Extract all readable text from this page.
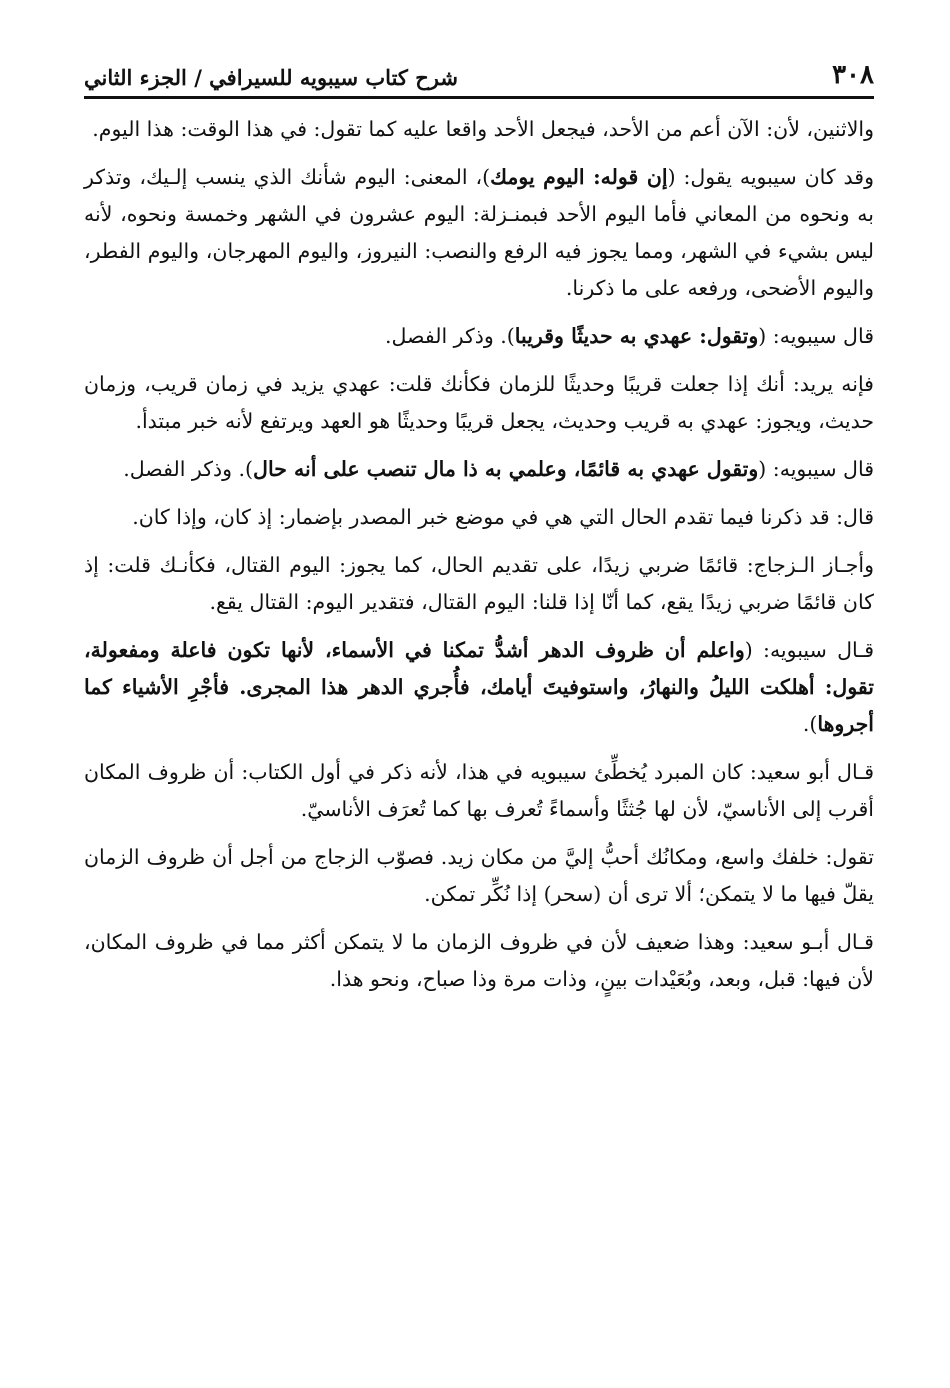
٣٠٨
شرح كتاب سيبويه للسيرافي / الجزء الثاني

والاثنين، لأن: الآن أعم من الأحد، فيجعل الأحد واقعا عليه كما تقول: في هذا الوقت: هذا اليوم.

وقد كان سيبويه يقول: (إن قوله: اليوم يومك)، المعنى: اليوم شأنك الذي ينسب إلـيك، وتذكر به ونحوه من المعاني فأما اليوم الأحد فبمنـزلة: اليوم عشرون في الشهر وخمسة ونحوه، لأنه ليس بشيء في الشهر، ومما يجوز فيه الرفع والنصب: النيروز، واليوم المهرجان، واليوم الفطر، واليوم الأضحى، ورفعه على ما ذكرنا.

قال سيبويه: (وتقول: عهدي به حديثًا وقريبا). وذكر الفصل.

فإنه يريد: أنك إذا جعلت قريبًا وحديثًا للزمان فكأنك قلت: عهدي يزيد في زمان قريب، وزمان حديث، ويجوز: عهدي به قريب وحديث، يجعل قريبًا وحديثًا هو العهد ويرتفع لأنه خبر مبتدأ.

قال سيبويه: (وتقول عهدي به قائمًا، وعلمي به ذا مال تنصب على أنه حال). وذكر الفصل.

قال: قد ذكرنا فيما تقدم الحال التي هي في موضع خبر المصدر بإضمار: إذ كان، وإذا كان.

وأجـاز الـزجاج: قائمًا ضربي زيدًا، على تقديم الحال، كما يجوز: اليوم القتال، فكأنـك قلت: إذ كان قائمًا ضربي زيدًا يقع، كما أنّا إذا قلنا: اليوم القتال، فتقدير اليوم: القتال يقع.

قـال سيبويه: (واعلم أن ظروف الدهر أشدُّ تمكنا في الأسماء، لأنها تكون فاعلة ومفعولة، تقول: أهلكت الليلُ والنهارُ، واستوفيتَ أيامك، فأُجري الدهر هذا المجرى. فأجْرِ الأشياء كما أجروها).

قـال أبو سعيد: كان المبرد يُخطِّئ سيبويه في هذا، لأنه ذكر في أول الكتاب: أن ظروف المكان أقرب إلى الأناسيّ، لأن لها جُثثًا وأسماءً تُعرف بها كما تُعرَف الأناسيّ.

تقول: خلفك واسع، ومكانُك أحبُّ إليَّ من مكان زيد. فصوّب الزجاج من أجل أن ظروف الزمان يقلّ فيها ما لا يتمكن؛ ألا ترى أن (سحر) إذا نُكِّر تمكن.

قـال أبـو سعيد: وهذا ضعيف لأن في ظروف الزمان ما لا يتمكن أكثر مما في ظروف المكان، لأن فيها: قبل، وبعد، وبُعَيْدات بينٍ، وذات مرة وذا صباح، ونحو هذا.
